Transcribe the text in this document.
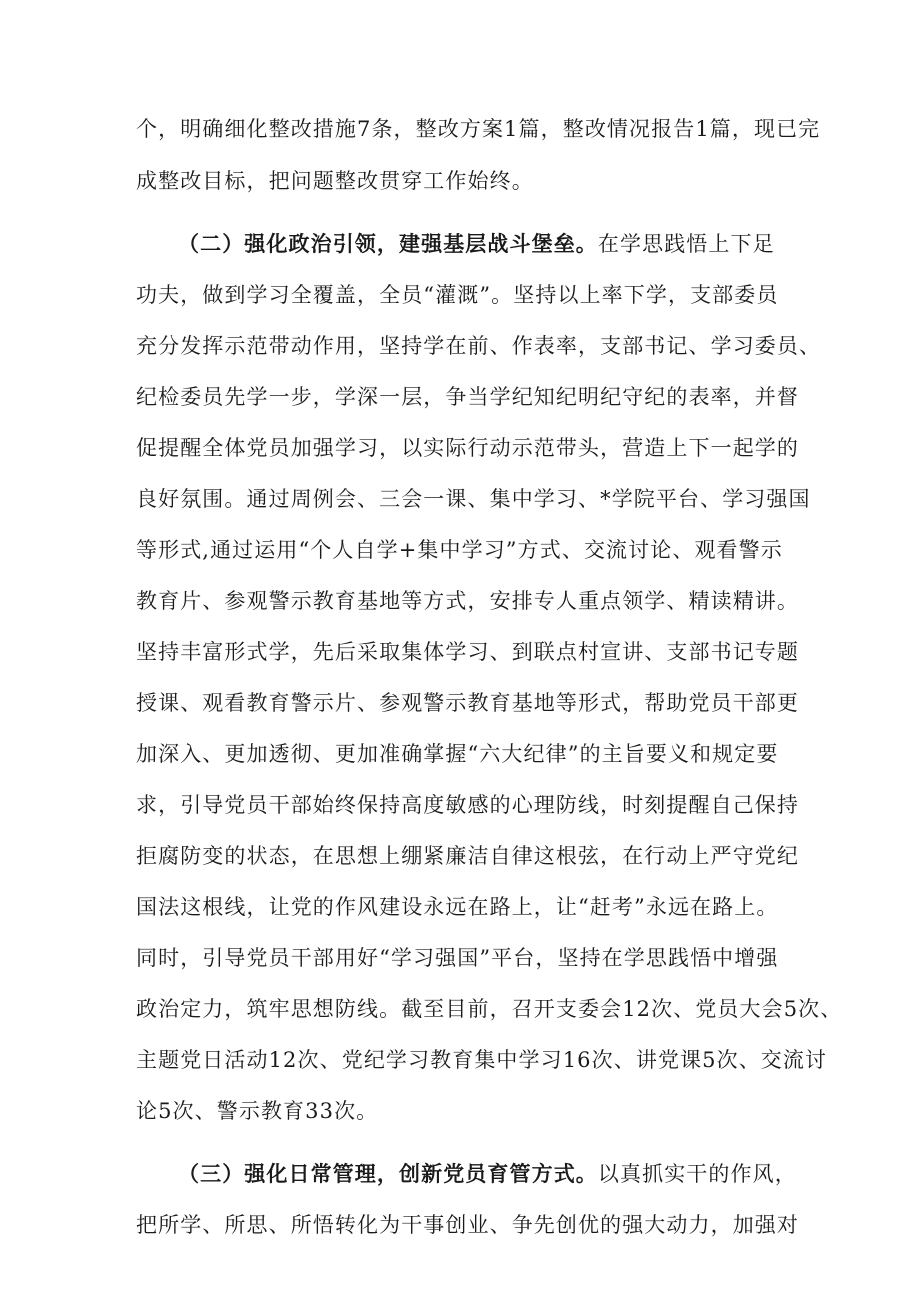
个，明确细化整改措施7条，整改方案1篇，整改情况报告1篇，现已完
成整改目标，把问题整改贯穿工作始终。
（二）强化政治引领，建强基层战斗堡垒。在学思践悟上下足
功夫，做到学习全覆盖，全员“灌溉”。坚持以上率下学，支部委员
充分发挥示范带动作用，坚持学在前、作表率，支部书记、学习委员、
纪检委员先学一步，学深一层，争当学纪知纪明纪守纪的表率，并督
促提醒全体党员加强学习，以实际行动示范带头，营造上下一起学的
良好氛围。通过周例会、三会一课、集中学习、*学院平台、学习强国
等形式,通过运用“个人自学+集中学习”方式、交流讨论、观看警示
教育片、参观警示教育基地等方式，安排专人重点领学、精读精讲。
坚持丰富形式学，先后采取集体学习、到联点村宣讲、支部书记专题
授课、观看教育警示片、参观警示教育基地等形式，帮助党员干部更
加深入、更加透彻、更加准确掌握“六大纪律”的主旨要义和规定要
求，引导党员干部始终保持高度敏感的心理防线，时刻提醒自己保持
拒腐防变的状态，在思想上绷紧廉洁自律这根弦，在行动上严守党纪
国法这根线，让党的作风建设永远在路上，让“赶考”永远在路上。
同时，引导党员干部用好“学习强国”平台，坚持在学思践悟中增强
政治定力，筑牢思想防线。截至目前，召开支委会12次、党员大会5次、
主题党日活动12次、党纪学习教育集中学习16次、讲党课5次、交流讨
论5次、警示教育33次。
（三）强化日常管理，创新党员育管方式。以真抓实干的作风，
把所学、所思、所悟转化为干事创业、争先创优的强大动力，加强对
